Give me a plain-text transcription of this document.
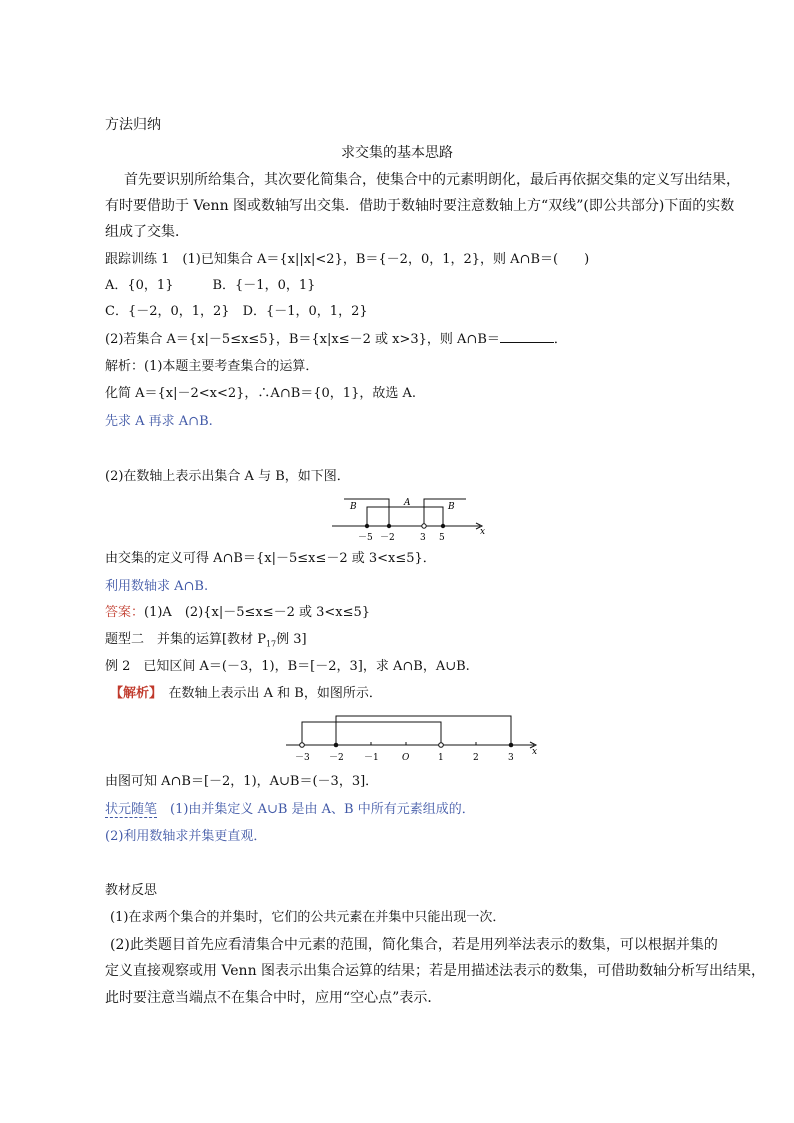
方法归纳
求交集的基本思路
首先要识别所给集合，其次要化简集合，使集合中的元素明朗化，最后再依据交集的定义写出结果，
有时要借助于 Venn 图或数轴写出交集．借助于数轴时要注意数轴上方“双线”(即公共部分)下面的实数
组成了交集．
跟踪训练 1　(1)已知集合 A＝{x||x|<2}，B＝{－2，0，1，2}，则 A∩B＝(　　)
A．{0，1}　　　B．{－1，0，1}
C．{－2，0，1，2}　D．{－1，0，1，2}
(2)若集合 A＝{x|－5≤x≤5}，B＝{x|x≤－2 或 x>3}，则 A∩B＝	．
解析：(1)本题主要考查集合的运算．
化简 A＝{x|－2<x<2}，∴A∩B＝{0，1}，故选 A.
先求 A 再求 A∩B.
(2)在数轴上表示出集合 A 与 B，如下图．
B	A	B
x
－5 －2	3 5
由交集的定义可得 A∩B＝{x|－5≤x≤－2 或 3<x≤5}．
利用数轴求 A∩B.
答案：(1)A　(2){x|－5≤x≤－2 或 3<x≤5}
题型二　并集的运算[教材 $P_{17}$例 3]
例 2　已知区间 A＝(－3，1)，B＝[－2，3]，求 A∩B，A∪B.
【解析】　在数轴上表示出 A 和 B，如图所示．
－3 －2 －1	O	1	2	3
x
由图可知 A∩B＝[－2，1)，A∪B＝(－3，3]．
状元随笔　(1)由并集定义 A∪B 是由 A、B 中所有元素组成的．
(2)利用数轴求并集更直观．
教材反思
(1)在求两个集合的并集时，它们的公共元素在并集中只能出现一次．
(2)此类题目首先应看清集合中元素的范围，简化集合，若是用列举法表示的数集，可以根据并集的
定义直接观察或用 Venn 图表示出集合运算的结果；若是用描述法表示的数集，可借助数轴分析写出结果，
此时要注意当端点不在集合中时，应用“空心点”表示．
